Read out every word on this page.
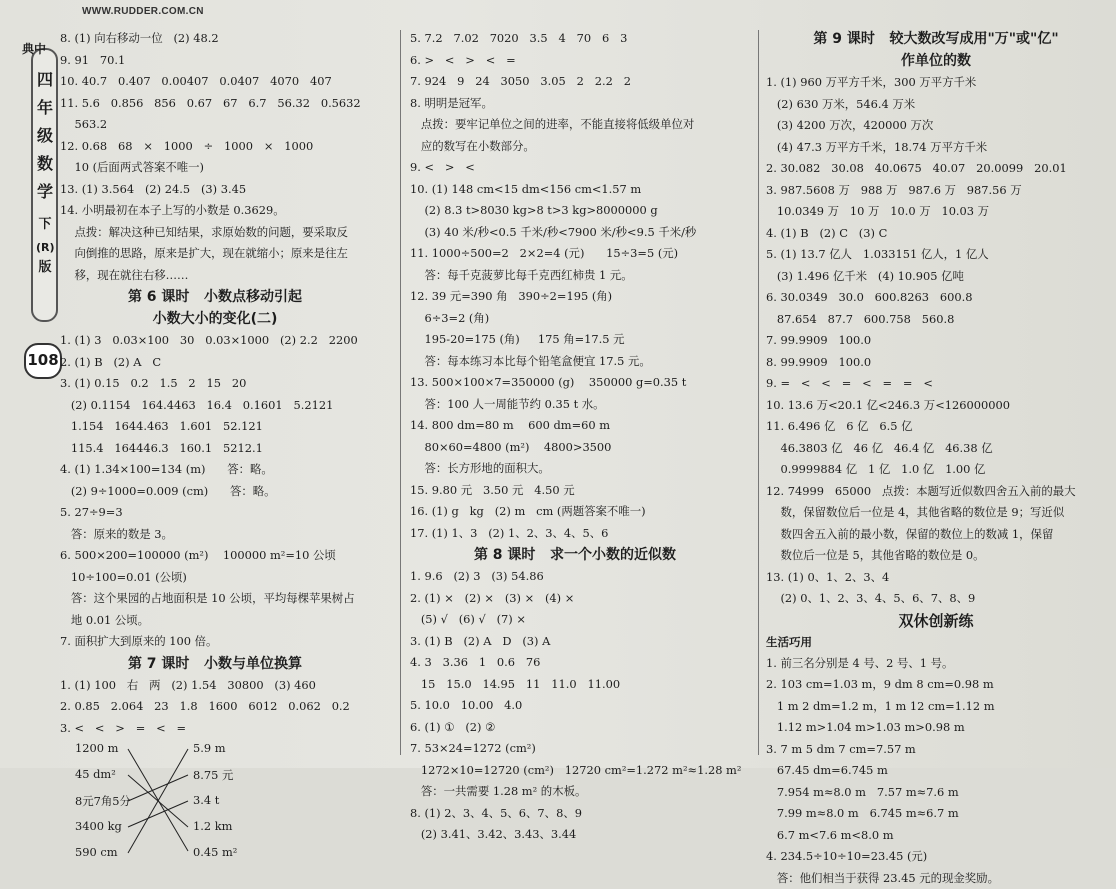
典中
四
年
级
数
学
下
(R)
版
108
WWW.RUDDER.COM.CN
8. (1) 向右移动一位   (2) 48.2
9. 91   70.1
10. 40.7   0.407   0.00407   0.0407   4070   407
11. 5.6   0.856   856   0.67   67   6.7   56.32   0.5632
563.2
12. 0.68   68   ×   1000   ÷   1000   ×   1000
10 (后面两式答案不唯一)
13. (1) 3.564   (2) 24.5   (3) 3.45
14. 小明最初在本子上写的小数是 0.3629。
点拨：解决这种已知结果，求原始数的问题，要采取反
向倒推的思路，原来是扩大，现在就缩小；原来是往左
移，现在就往右移……
第 6 课时   小数点移动引起
小数大小的变化(二)
1. (1) 3   0.03×100   30   0.03×1000   (2) 2.2   2200
2. (1) B   (2) A   C
3. (1) 0.15   0.2   1.5   2   15   20
(2) 0.1154   164.4463   16.4   0.1601   5.2121
1.154   1644.463   1.601   52.121
115.4   164446.3   160.1   5212.1
4. (1) 1.34×100=134 (m)      答：略。
(2) 9÷1000=0.009 (cm)      答：略。
5. 27÷9=3
答：原来的数是 3。
6. 500×200=100000 (m²)    100000 m²=10 公顷
10÷100=0.01 (公顷)
答：这个果园的占地面积是 10 公顷，平均每棵苹果树占
地 0.01 公顷。
7. 面积扩大到原来的 100 倍。
第 7 课时   小数与单位换算
1. (1) 100   右   两   (2) 1.54   30800   (3) 460
2. 0.85   2.064   23   1.8   1600   6012   0.062   0.2
3. <   <   >   =   <   =
1200 m
45 dm²
8元7角5分
3400 kg
590 cm
5.9 m
8.75 元
3.4 t
1.2 km
0.45 m²
5. 7.2   7.02   7020   3.5   4   70   6   3
6. >   <   >   <   =
7. 924   9   24   3050   3.05   2   2.2   2
8. 明明是冠军。
点拨：要牢记单位之间的进率，不能直接将低级单位对
应的数写在小数部分。
9. <   >   <
10. (1) 148 cm<15 dm<156 cm<1.57 m
(2) 8.3 t>8030 kg>8 t>3 kg>8000000 g
(3) 40 米/秒<0.5 千米/秒<7900 米/秒<9.5 千米/秒
11. 1000÷500=2   2×2=4 (元)      15÷3=5 (元)
答：每千克菠萝比每千克西红柿贵 1 元。
12. 39 元=390 角   390÷2=195 (角)
6÷3=2 (角)
195-20=175 (角)     175 角=17.5 元
答：每本练习本比每个铅笔盒便宜 17.5 元。
13. 500×100×7=350000 (g)    350000 g=0.35 t
答：100 人一周能节约 0.35 t 水。
14. 800 dm=80 m    600 dm=60 m
80×60=4800 (m²)    4800>3500
答：长方形地的面积大。
15. 9.80 元   3.50 元   4.50 元
16. (1) g   kg   (2) m   cm (两题答案不唯一)
17. (1) 1、3   (2) 1、2、3、4、5、6
第 8 课时   求一个小数的近似数
1. 9.6   (2) 3   (3) 54.86
2. (1) ×   (2) ×   (3) ×   (4) ×
(5) √   (6) √   (7) ×
3. (1) B   (2) A   D   (3) A
4. 3   3.36   1   0.6   76
15   15.0   14.95   11   11.0   11.00
5. 10.0   10.00   4.0
6. (1) ①   (2) ②
7. 53×24=1272 (cm²)
1272×10=12720 (cm²)   12720 cm²=1.272 m²≈1.28 m²
答：一共需要 1.28 m² 的木板。
8. (1) 2、3、4、5、6、7、8、9
(2) 3.41、3.42、3.43、3.44
第 9 课时   较大数改写成用"万"或"亿"
作单位的数
1. (1) 960 万平方千米，300 万平方千米
(2) 630 万米，546.4 万米
(3) 4200 万次，420000 万次
(4) 47.3 万平方千米，18.74 万平方千米
2. 30.082   30.08   40.0675   40.07   20.0099   20.01
3. 987.5608 万   988 万   987.6 万   987.56 万
10.0349 万   10 万   10.0 万   10.03 万
4. (1) B   (2) C   (3) C
5. (1) 13.7 亿人   1.033151 亿人，1 亿人
(3) 1.496 亿千米   (4) 10.905 亿吨
6. 30.0349   30.0   600.8263   600.8
87.654   87.7   600.758   560.8
7. 99.9909   100.0
8. 99.9909   100.0
9. =   <   <   =   <   =   =   <
10. 13.6 万<20.1 亿<246.3 万<126000000
11. 6.496 亿   6 亿   6.5 亿
46.3803 亿   46 亿   46.4 亿   46.38 亿
0.9999884 亿   1 亿   1.0 亿   1.00 亿
12. 74999   65000   点拨：本题写近似数四舍五入前的最大
数，保留数位后一位是 4，其他省略的数位是 9；写近似
数四舍五入前的最小数，保留的数位上的数减 1，保留
数位后一位是 5，其他省略的数位是 0。
13. (1) 0、1、2、3、4
(2) 0、1、2、3、4、5、6、7、8、9
双休创新练
生活巧用
1. 前三名分别是 4 号、2 号、1 号。
2. 103 cm=1.03 m，9 dm 8 cm=0.98 m
1 m 2 dm=1.2 m，1 m 12 cm=1.12 m
1.12 m>1.04 m>1.03 m>0.98 m
3. 7 m 5 dm 7 cm=7.57 m
67.45 dm=6.745 m
7.954 m≈8.0 m   7.57 m≈7.6 m
7.99 m≈8.0 m   6.745 m≈6.7 m
6.7 m<7.6 m<8.0 m
4. 234.5÷10÷10=23.45 (元)
答：他们相当于获得 23.45 元的现金奖励。
